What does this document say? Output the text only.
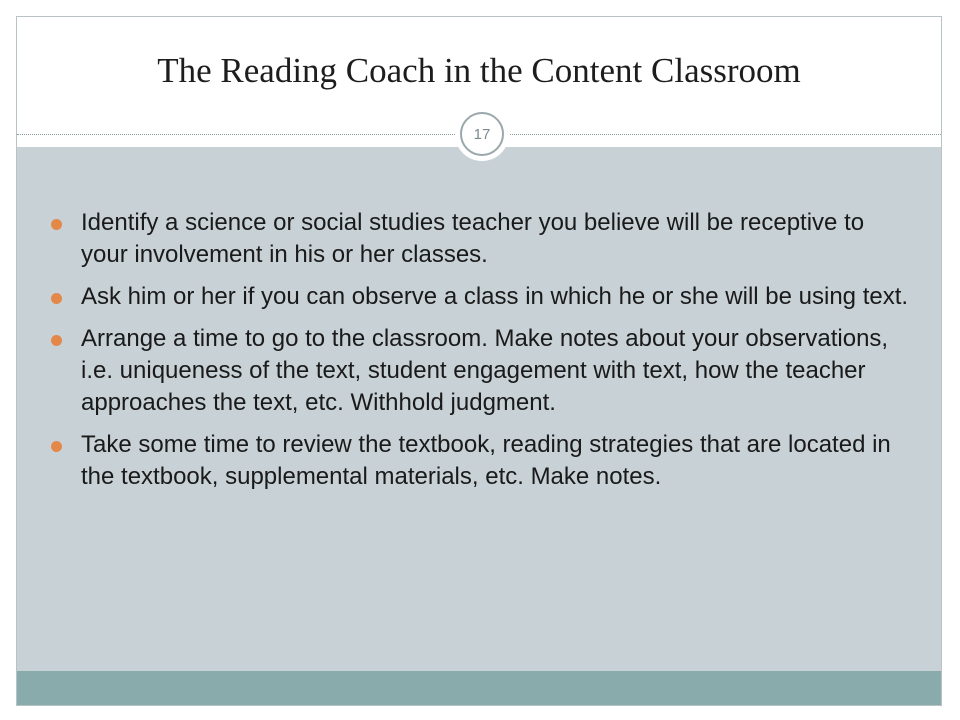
The Reading Coach in the Content Classroom
17
Identify a science or social studies teacher you believe will be receptive to your involvement in his or her classes.
Ask him or her if you can observe a class in which he or she will be using text.
Arrange a time to go to the classroom. Make notes about your observations, i.e. uniqueness of the text, student engagement with text, how the teacher approaches the text, etc. Withhold judgment.
Take some time to review the textbook, reading strategies that are located in the textbook, supplemental materials, etc. Make notes.
